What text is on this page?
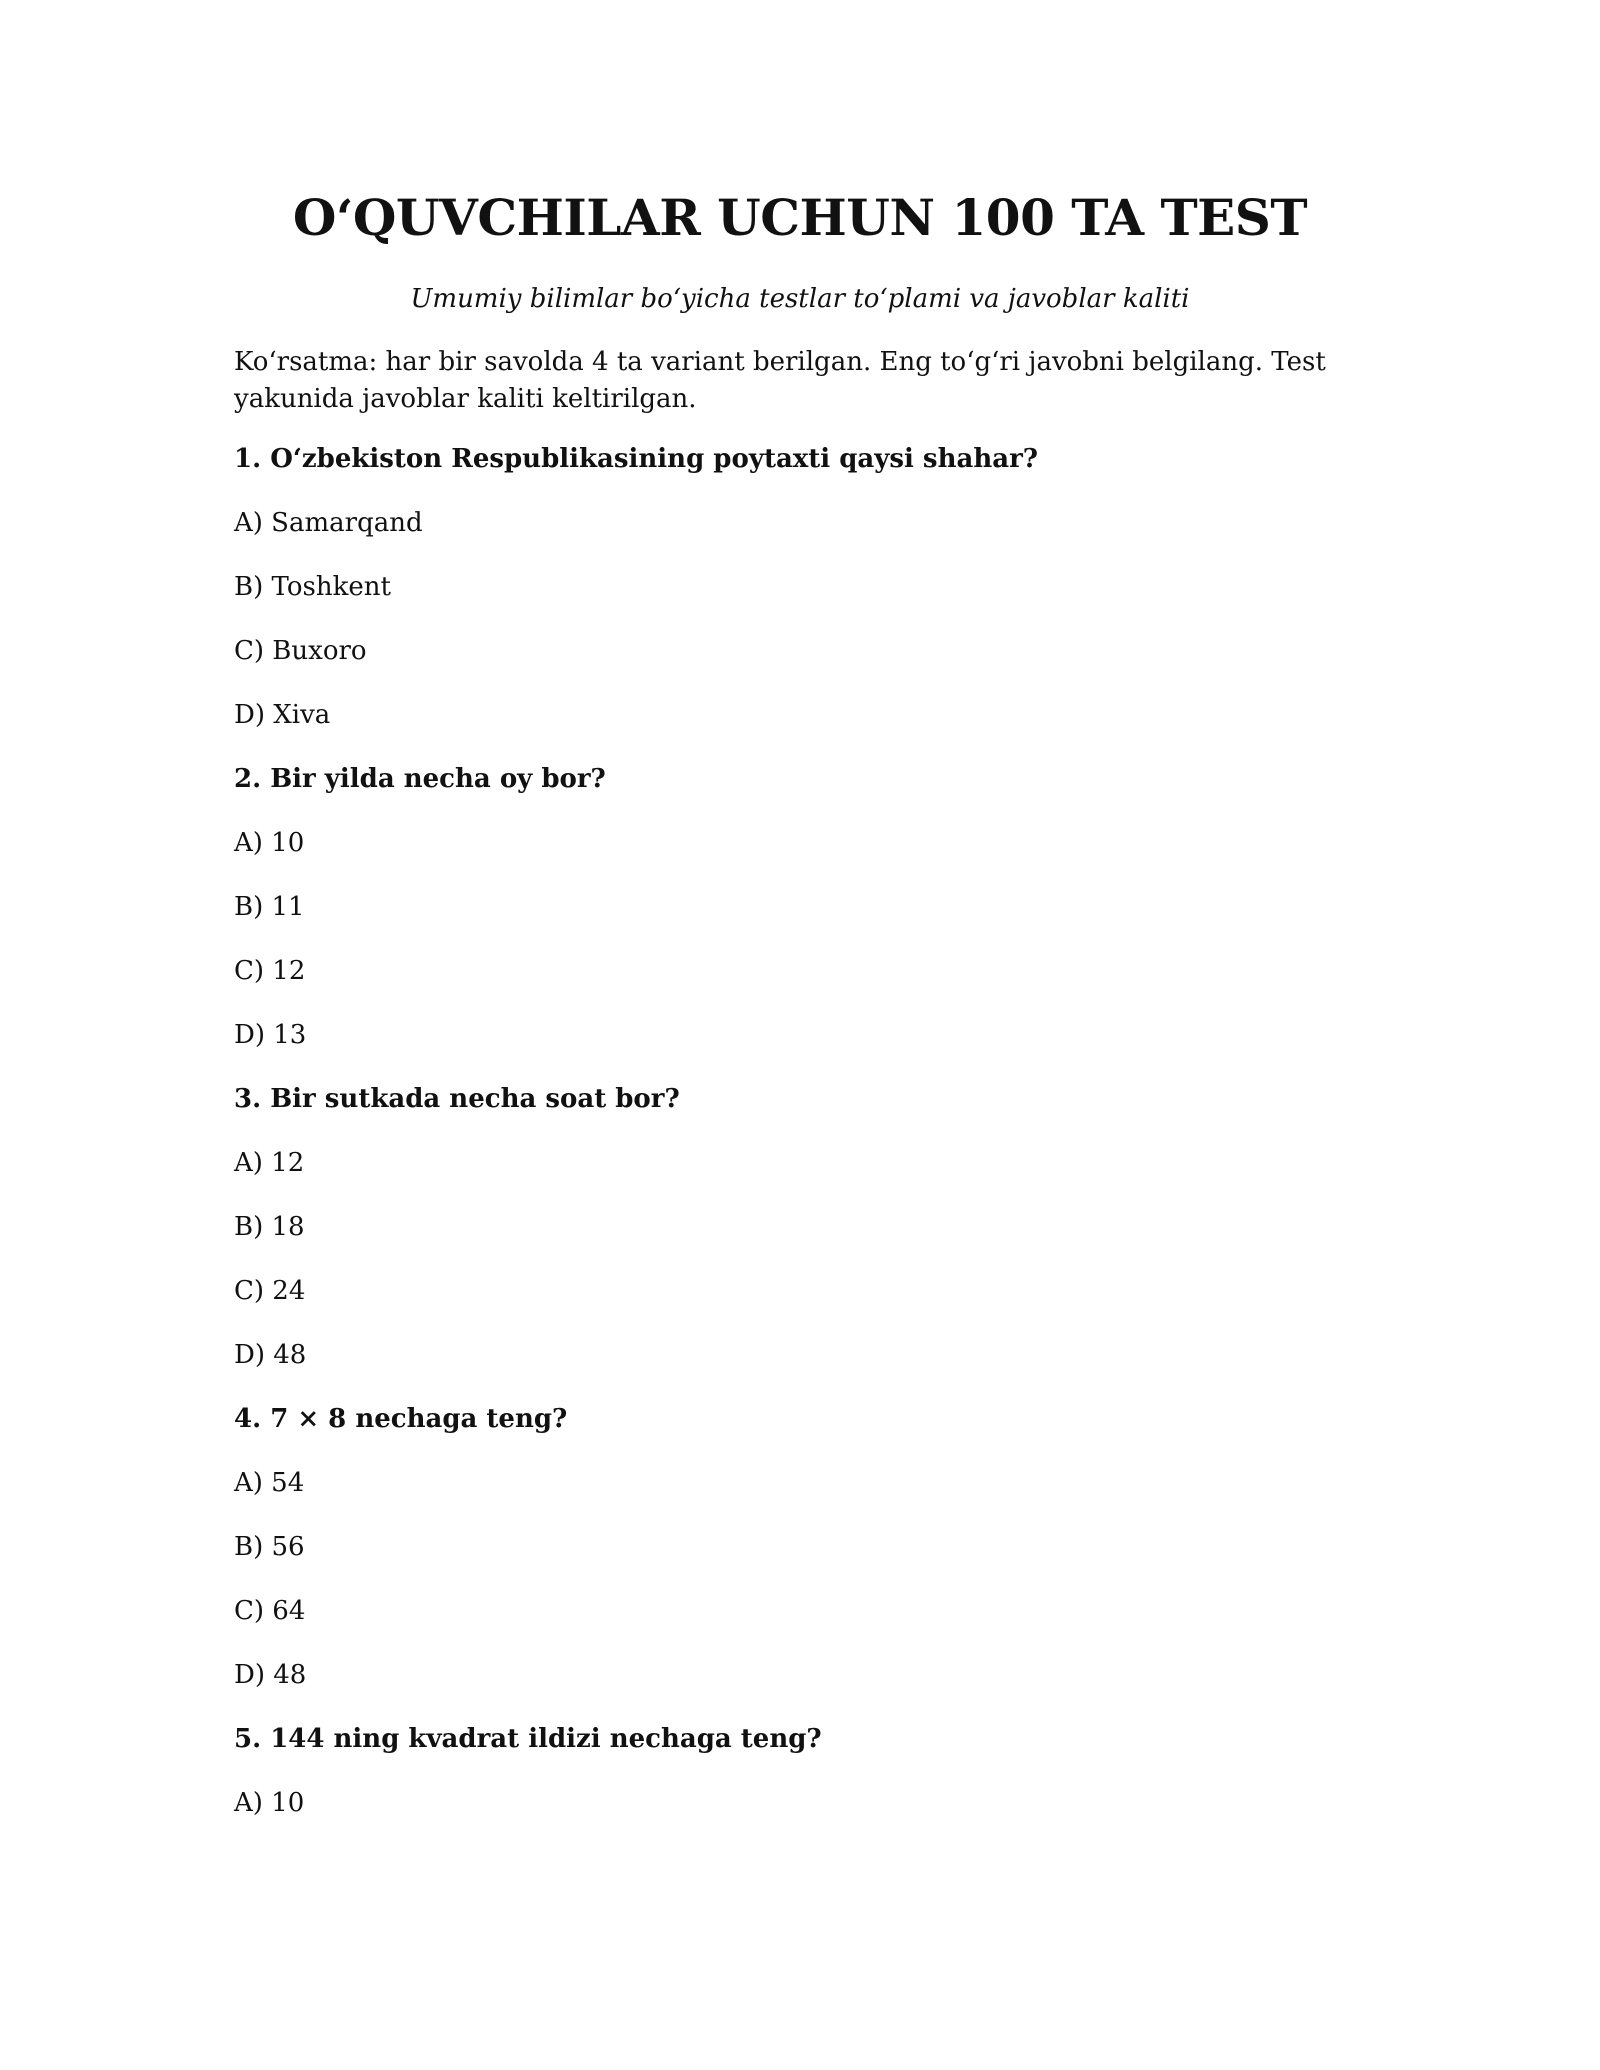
O‘QUVCHILAR UCHUN 100 TA TEST
Umumiy bilimlar bo‘yicha testlar to‘plami va javoblar kaliti

Ko‘rsatma: har bir savolda 4 ta variant berilgan. Eng to‘g‘ri javobni belgilang. Test yakunida javoblar kaliti keltirilgan.

1. O‘zbekiston Respublikasining poytaxti qaysi shahar?
A) Samarqand
B) Toshkent
C) Buxoro
D) Xiva
2. Bir yilda necha oy bor?
A) 10
B) 11
C) 12
D) 13
3. Bir sutkada necha soat bor?
A) 12
B) 18
C) 24
D) 48
4. 7 × 8 nechaga teng?
A) 54
B) 56
C) 64
D) 48
5. 144 ning kvadrat ildizi nechaga teng?
A) 10
